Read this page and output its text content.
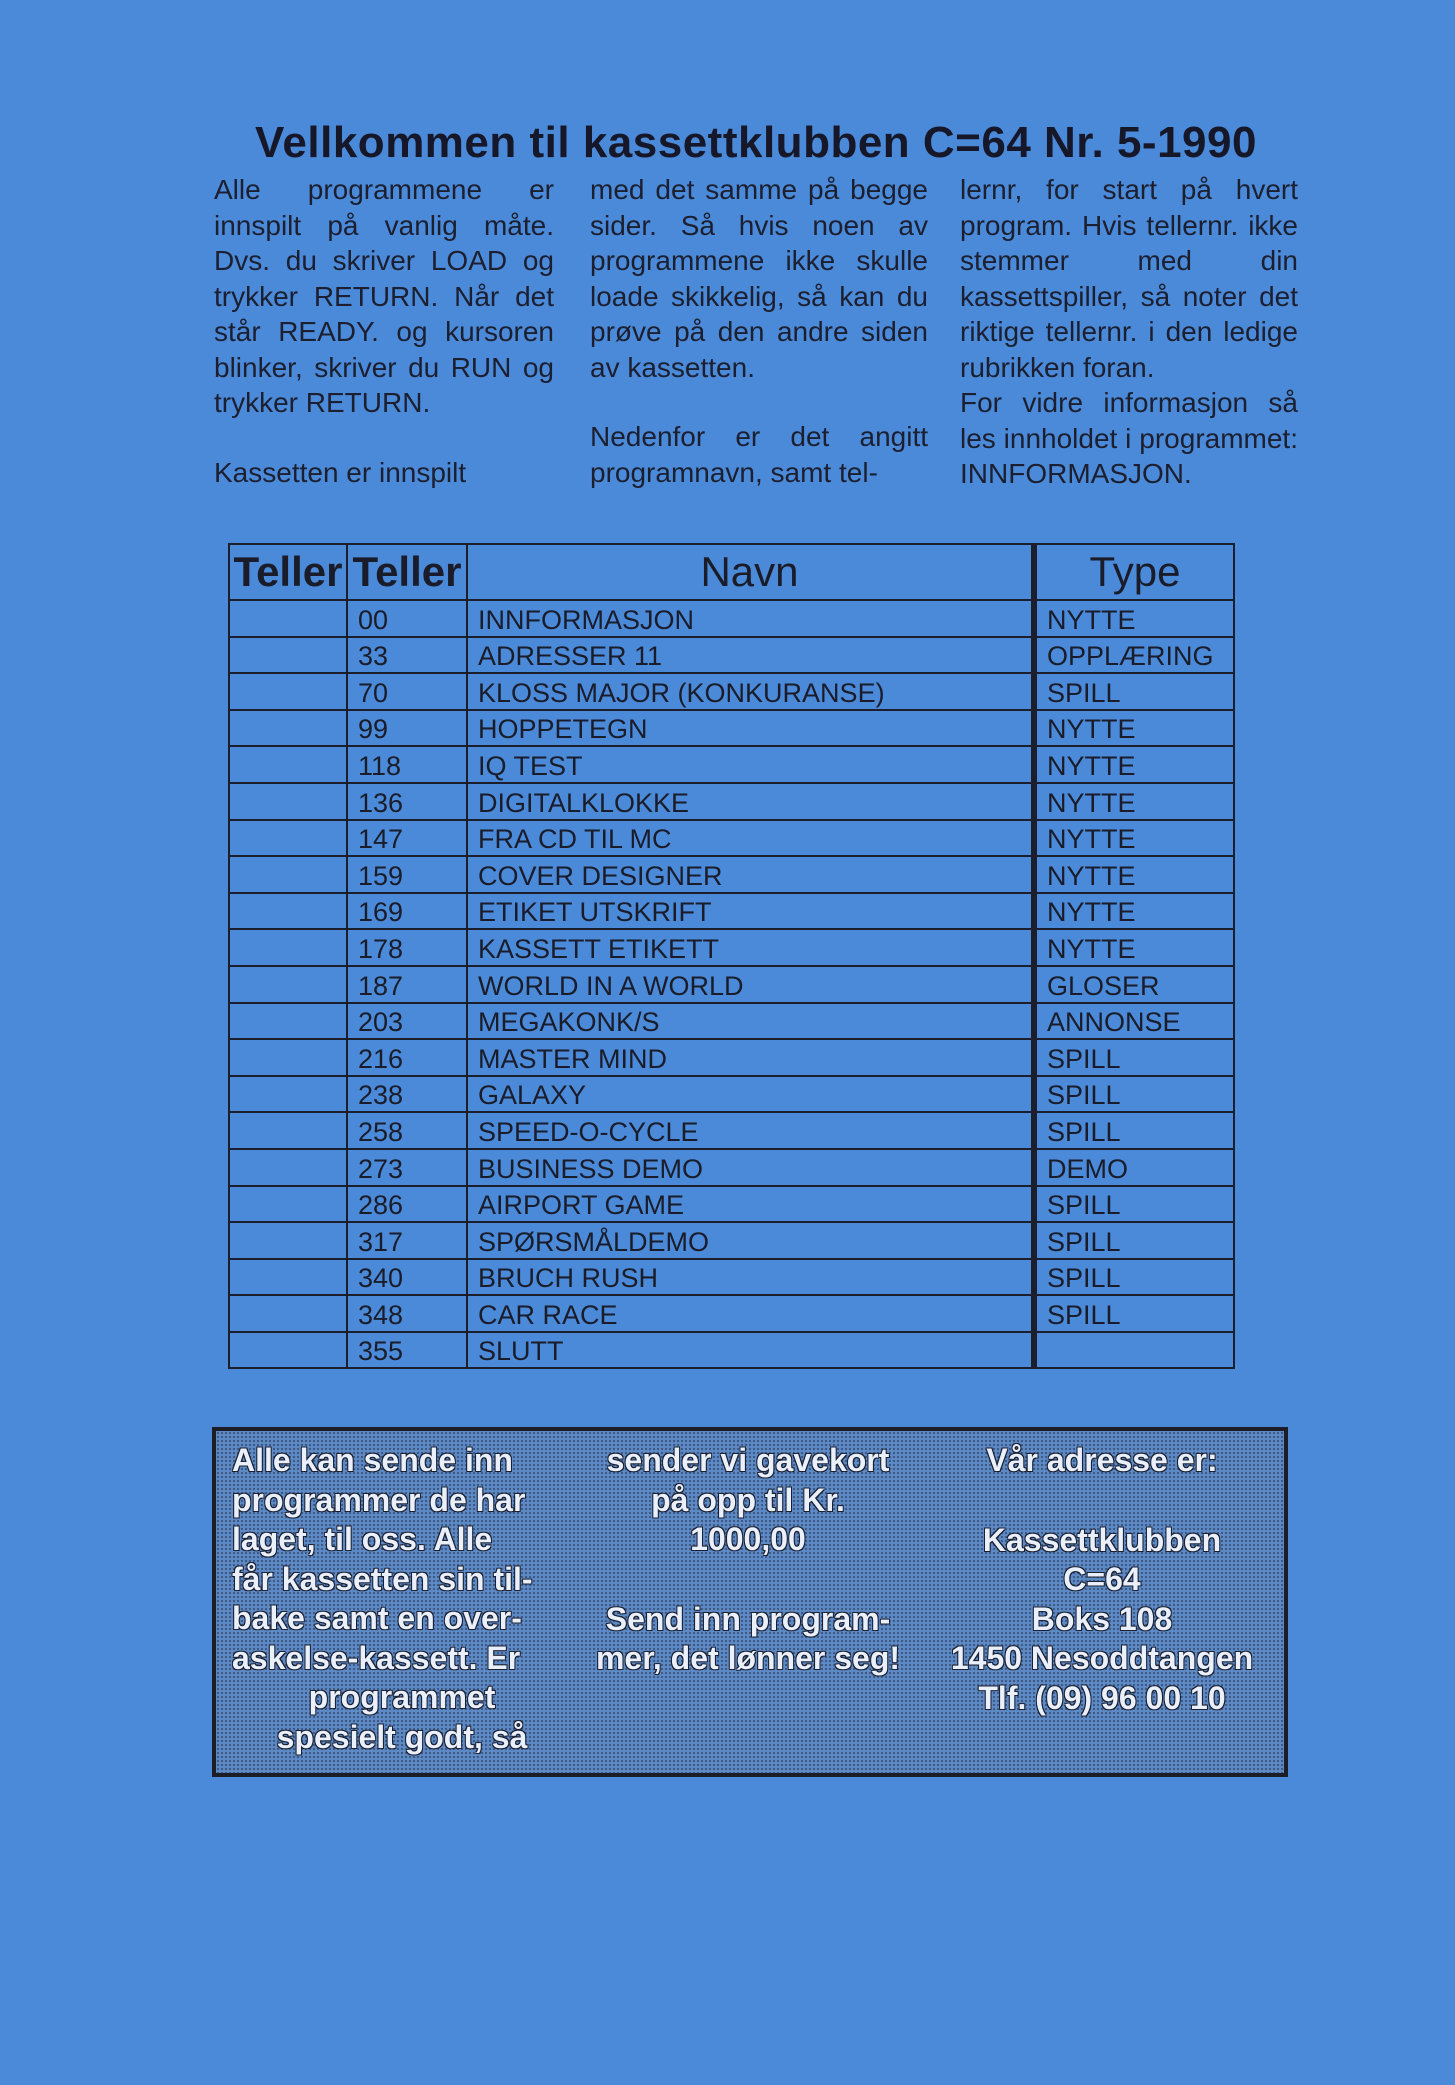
Vellkommen til kassettklubben C=64 Nr. 5-1990

Alle programmene er innspilt på vanlig måte. Dvs. du skriver LOAD og trykker RETURN. Når det står READY. og kursoren blinker, skriver du RUN og trykker RETURN.

Kassetten er innspilt

med det samme på begge sider. Så hvis noen av programmene ikke skulle loade skikkelig, så kan du prøve på den andre siden av kassetten.

Nedenfor er det angitt programnavn, samt tel-

lernr, for start på hvert program. Hvis tellernr. ikke stemmer med din kassettspiller, så noter det riktige tellernr. i den ledige rubrikken foran.

For vidre informasjon så les innholdet i programmet: INNFORMASJON.

Teller	Teller	Navn	Type
	00	INNFORMASJON	NYTTE
	33	ADRESSER 11	OPPLÆRING
	70	KLOSS MAJOR (KONKURANSE)	SPILL
	99	HOPPETEGN	NYTTE
	118	IQ TEST	NYTTE
	136	DIGITALKLOKKE	NYTTE
	147	FRA CD TIL MC	NYTTE
	159	COVER DESIGNER	NYTTE
	169	ETIKET UTSKRIFT	NYTTE
	178	KASSETT ETIKETT	NYTTE
	187	WORLD IN A WORLD	GLOSER
	203	MEGAKONK/S	ANNONSE
	216	MASTER MIND	SPILL
	238	GALAXY	SPILL
	258	SPEED-O-CYCLE	SPILL
	273	BUSINESS DEMO	DEMO
	286	AIRPORT GAME	SPILL
	317	SPØRSMÅLDEMO	SPILL
	340	BRUCH RUSH	SPILL
	348	CAR RACE	SPILL
	355	SLUTT	

Alle kan sende inn

programmer de har

laget, til oss. Alle

får kassetten sin til-

bake samt en over-

askelse-kassett. Er

programmet

spesielt godt, så

sender vi gavekort

på opp til Kr.

1000,00

Send inn program-

mer, det lønner seg!

Vår adresse er:

Kassettklubben

C=64

Boks 108

1450 Nesoddtangen

Tlf. (09) 96 00 10
